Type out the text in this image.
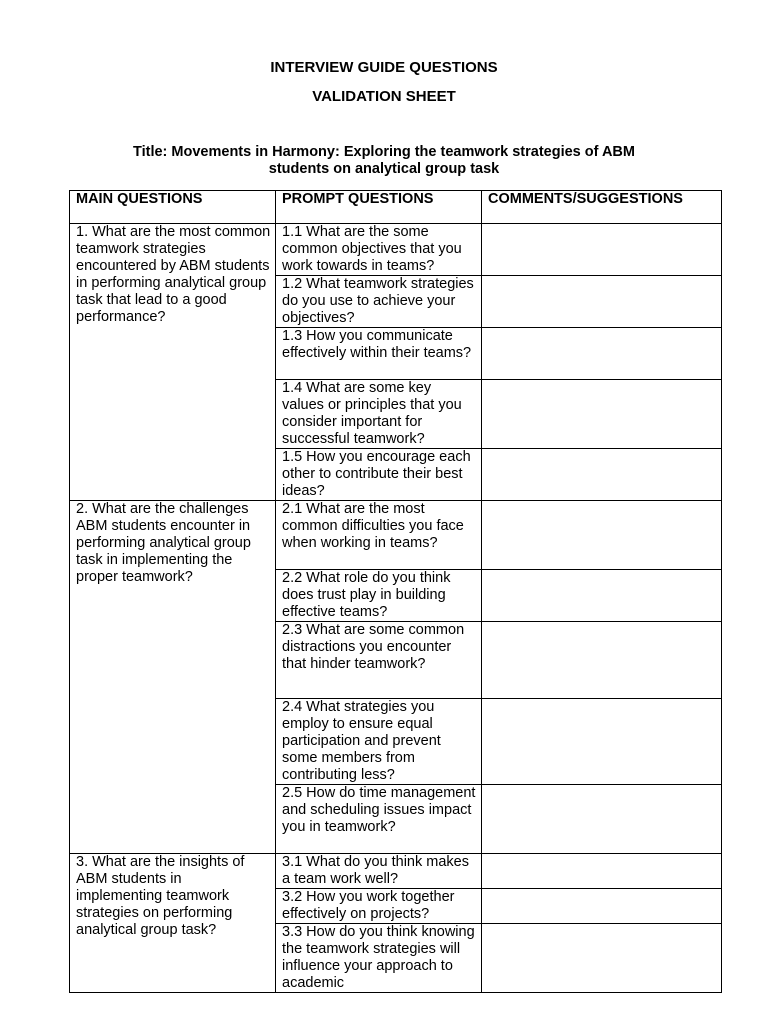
INTERVIEW GUIDE QUESTIONS
VALIDATION SHEET
Title: Movements in Harmony: Exploring the teamwork strategies of ABM
students on analytical group task
MAIN QUESTIONS	PROMPT QUESTIONS	COMMENTS/SUGGESTIONS
1. What are the most common teamwork strategies encountered by ABM students in performing analytical group task that lead to a good performance?	1.1 What are the some common objectives that you work towards in teams?	
	1.2 What teamwork strategies do you use to achieve your objectives?	
	1.3 How you communicate effectively within their teams?	
	1.4 What are some key values or principles that you consider important for successful teamwork?	
	1.5 How you encourage each other to contribute their best ideas?	
2. What are the challenges ABM students encounter in performing analytical group task in implementing the proper teamwork?	2.1 What are the most common difficulties you face when working in teams?	
	2.2 What role do you think does trust play in building effective teams?	
	2.3 What are some common distractions you encounter that hinder teamwork?	
	2.4 What strategies you employ to ensure equal participation and prevent some members from contributing less?	
	2.5 How do time management and scheduling issues impact you in teamwork?	
3. What are the insights of ABM students in implementing teamwork strategies on performing analytical group task?	3.1 What do you think makes a team work well?	
	3.2 How you work together effectively on projects?	
	3.3 How do you think knowing the teamwork strategies will influence your approach to academic	
